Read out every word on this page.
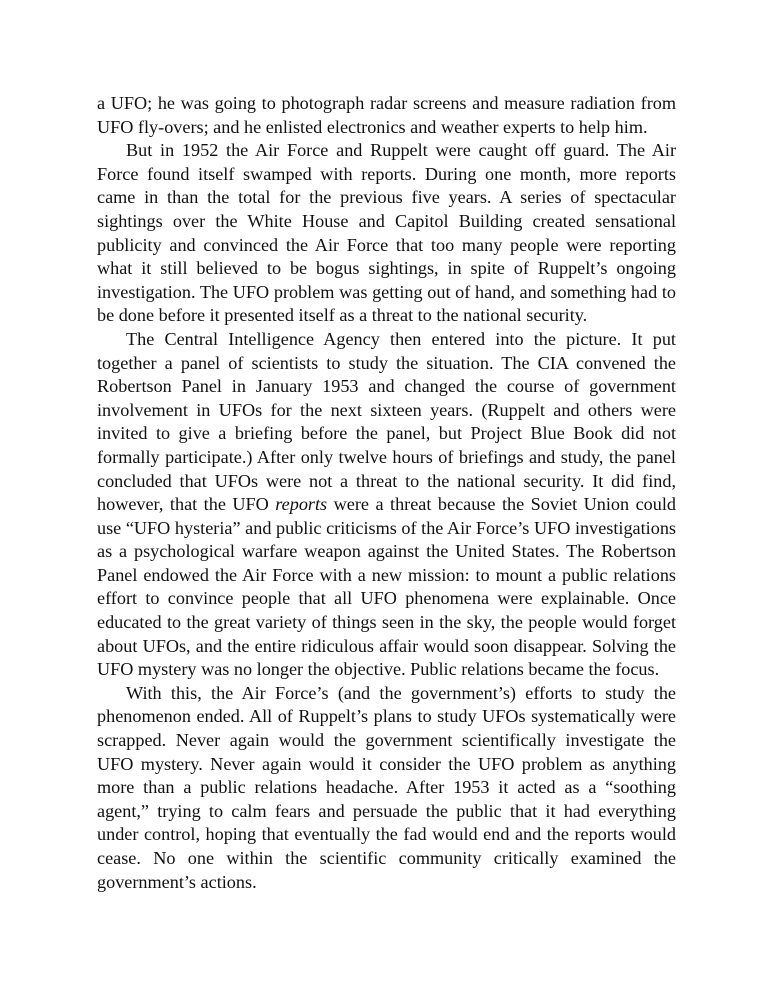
a UFO; he was going to photograph radar screens and measure radiation from UFO fly-overs; and he enlisted electronics and weather experts to help him.

But in 1952 the Air Force and Ruppelt were caught off guard. The Air Force found itself swamped with reports. During one month, more reports came in than the total for the previous five years. A series of spectacular sightings over the White House and Capitol Building created sensational publicity and convinced the Air Force that too many people were reporting what it still believed to be bogus sightings, in spite of Ruppelt’s ongoing investigation. The UFO problem was getting out of hand, and something had to be done before it presented itself as a threat to the national security.

The Central Intelligence Agency then entered into the picture. It put together a panel of scientists to study the situation. The CIA convened the Robertson Panel in January 1953 and changed the course of government involvement in UFOs for the next sixteen years. (Ruppelt and others were invited to give a briefing before the panel, but Project Blue Book did not formally participate.) After only twelve hours of briefings and study, the panel concluded that UFOs were not a threat to the national security. It did find, however, that the UFO reports were a threat because the Soviet Union could use “UFO hysteria” and public criticisms of the Air Force’s UFO investigations as a psychological warfare weapon against the United States. The Robertson Panel endowed the Air Force with a new mission: to mount a public relations effort to convince people that all UFO phenomena were explainable. Once educated to the great variety of things seen in the sky, the people would forget about UFOs, and the entire ridiculous affair would soon disappear. Solving the UFO mystery was no longer the objective. Public relations became the focus.

With this, the Air Force’s (and the government’s) efforts to study the phenomenon ended. All of Ruppelt’s plans to study UFOs systematically were scrapped. Never again would the government scientifically investigate the UFO mystery. Never again would it consider the UFO problem as anything more than a public relations headache. After 1953 it acted as a “soothing agent,” trying to calm fears and persuade the public that it had everything under control, hoping that eventually the fad would end and the reports would cease. No one within the scientific community critically examined the government’s actions.
